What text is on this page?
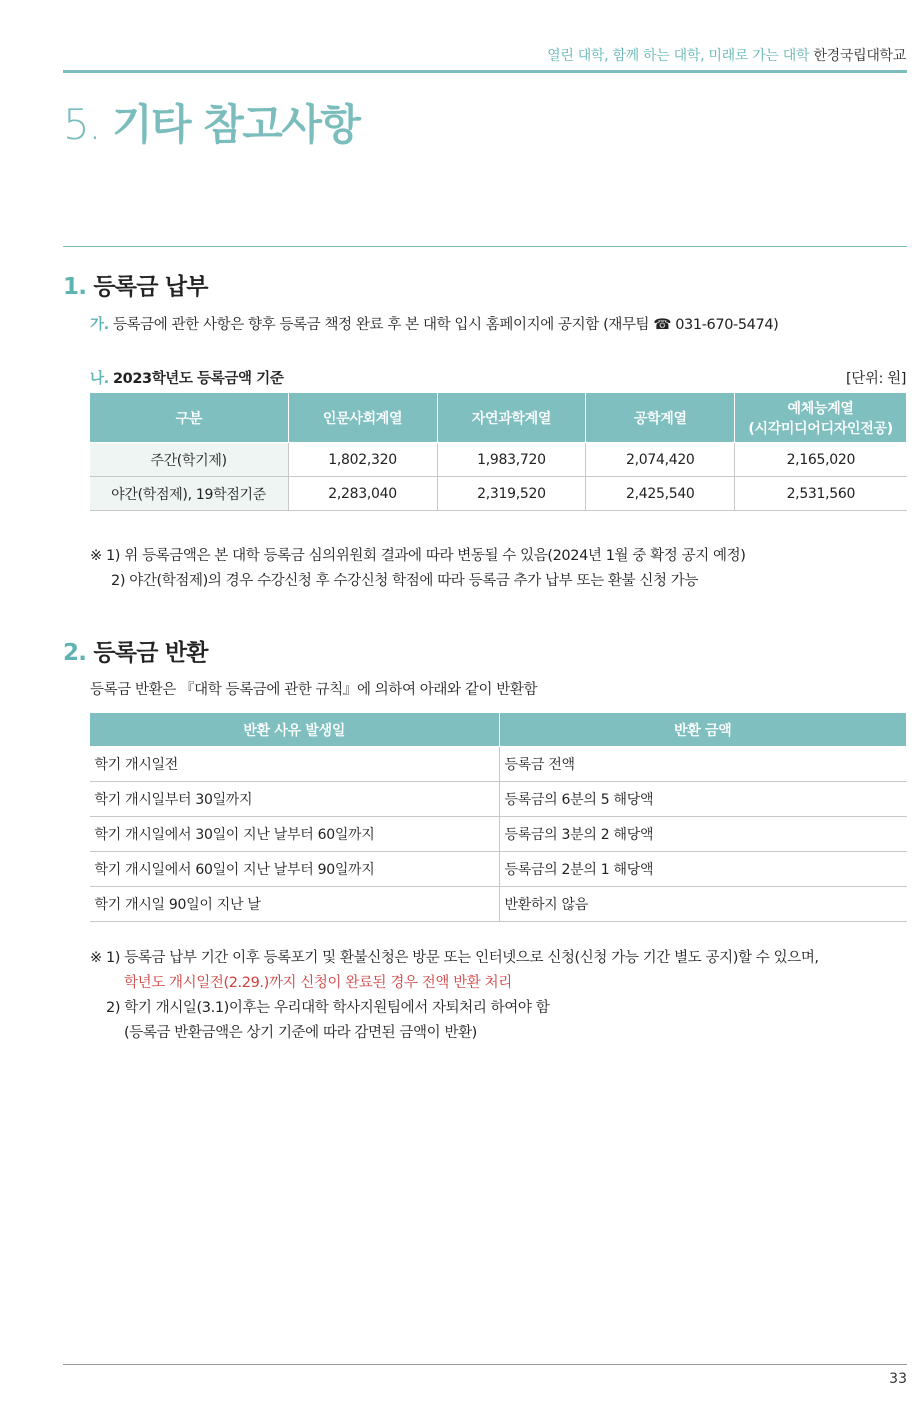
열린 대학, 함께 하는 대학, 미래로 가는 대학 한경국립대학교
5. 기타 참고사항
1. 등록금 납부
가. 등록금에 관한 사항은 향후 등록금 책정 완료 후 본 대학 입시 홈페이지에 공지함 (재무팀 ☎ 031-670-5474)
나. 2023학년도 등록금액 기준	[단위: 원]
구분	인문사회계열	자연과학계열	공학계열	예체능계열
(시각미디어디자인전공)

주간(학기제)	1,802,320	1,983,720	2,074,420	2,165,020
야간(학점제), 19학점기준	2,283,040	2,319,520	2,425,540	2,531,560
※ 1) 위 등록금액은 본 대학 등록금 심의위원회 결과에 따라 변동될 수 있음(2024년 1월 중 확정 공지 예정)
2) 야간(학점제)의 경우 수강신청 후 수강신청 학점에 따라 등록금 추가 납부 또는 환불 신청 가능
2. 등록금 반환
등록금 반환은 『대학 등록금에 관한 규칙』에 의하여 아래와 같이 반환함
반환 사유 발생일	반환 금액
학기 개시일전	등록금 전액
학기 개시일부터 30일까지	등록금의 6분의 5 해당액
학기 개시일에서 30일이 지난 날부터 60일까지	등록금의 3분의 2 해당액
학기 개시일에서 60일이 지난 날부터 90일까지	등록금의 2분의 1 해당액
학기 개시일 90일이 지난 날	반환하지 않음
※ 1) 등록금 납부 기간 이후 등록포기 및 환불신청은 방문 또는 인터넷으로 신청(신청 가능 기간 별도 공지)할 수 있으며,
학년도 개시일전(2.29.)까지 신청이 완료된 경우 전액 반환 처리
2) 학기 개시일(3.1)이후는 우리대학 학사지원팀에서 자퇴처리 하여야 함
(등록금 반환금액은 상기 기준에 따라 감면된 금액이 반환)
33
